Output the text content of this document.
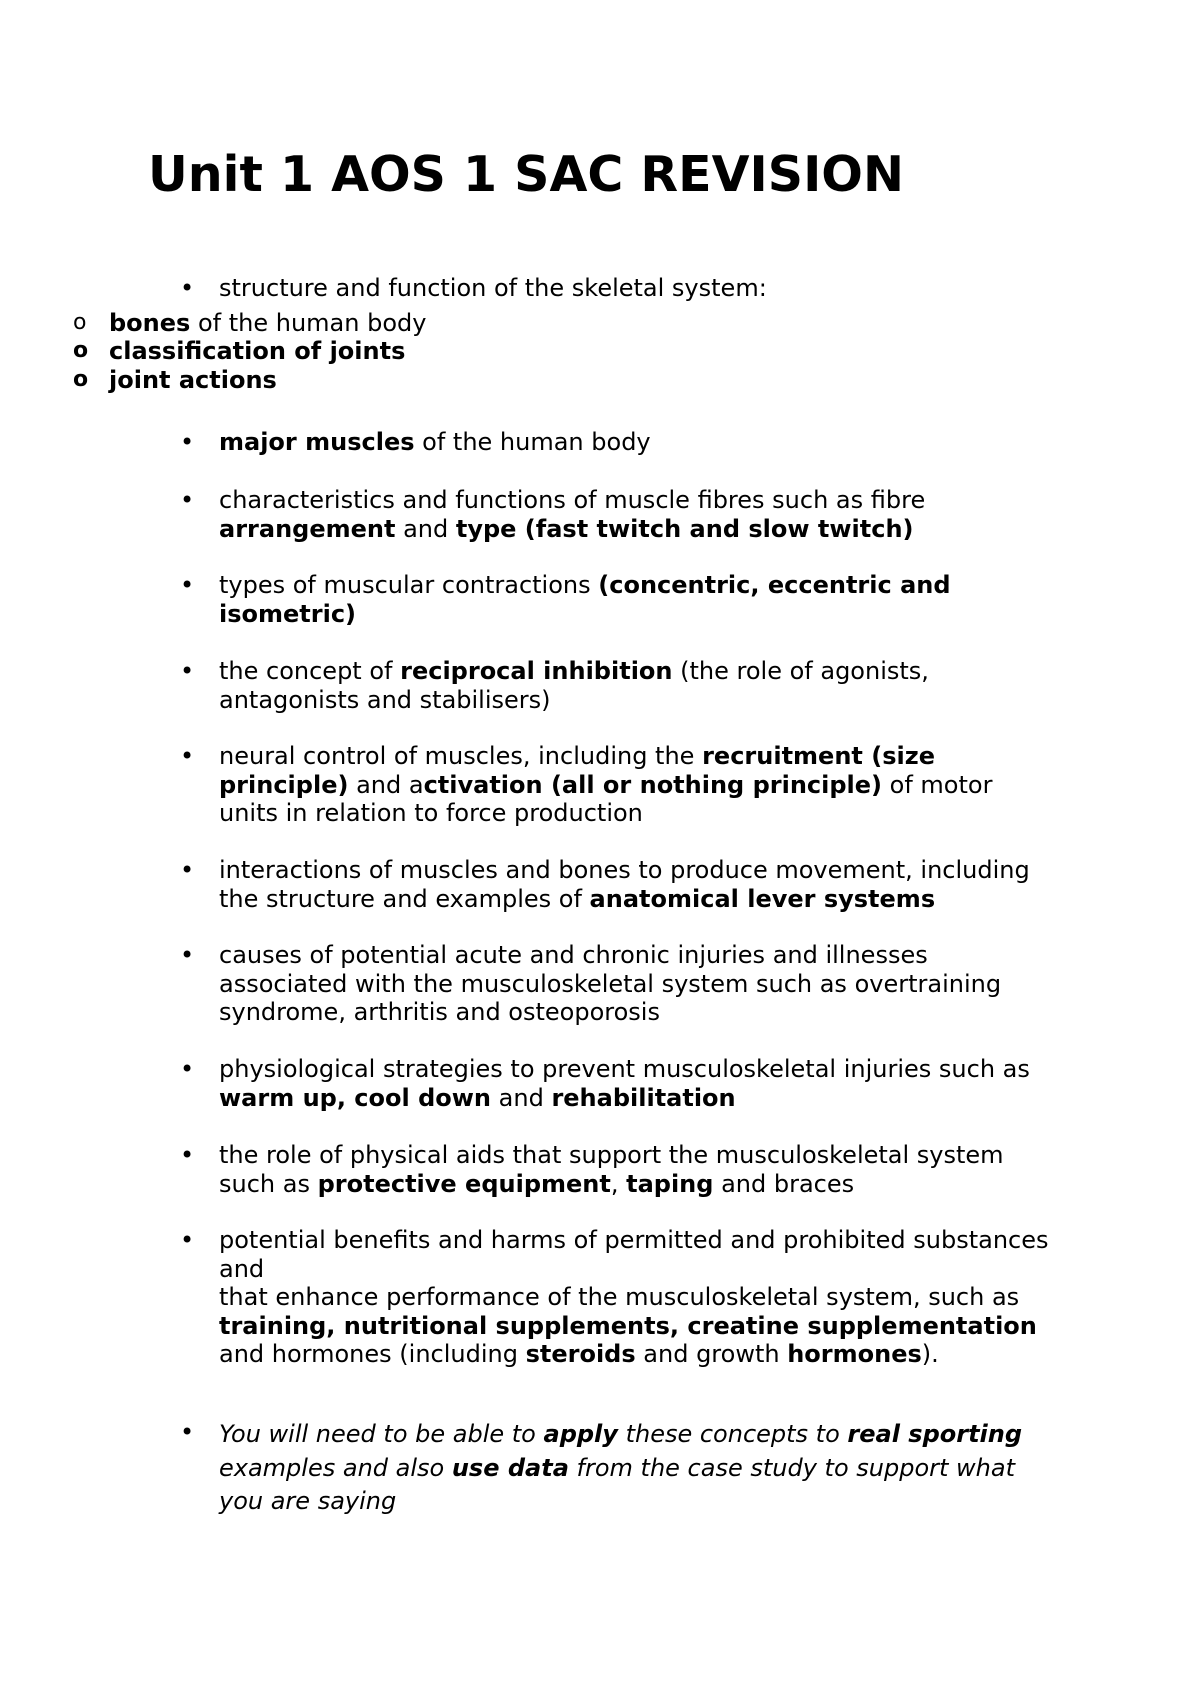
Unit 1 AOS 1 SAC REVISION
• structure and function of the skeletal system:
o bones of the human body
o classification of joints
o joint actions
• major muscles of the human body
• characteristics and functions of muscle fibres such as fibre
arrangement and type (fast twitch and slow twitch)
• types of muscular contractions (concentric, eccentric and
isometric)
• the concept of reciprocal inhibition (the role of agonists,
antagonists and stabilisers)
• neural control of muscles, including the recruitment (size
principle) and activation (all or nothing principle) of motor
units in relation to force production
• interactions of muscles and bones to produce movement, including
the structure and examples of anatomical lever systems
• causes of potential acute and chronic injuries and illnesses
associated with the musculoskeletal system such as overtraining
syndrome, arthritis and osteoporosis
• physiological strategies to prevent musculoskeletal injuries such as
warm up, cool down and rehabilitation
• the role of physical aids that support the musculoskeletal system
such as protective equipment, taping and braces
• potential benefits and harms of permitted and prohibited substances
and
that enhance performance of the musculoskeletal system, such as
training, nutritional supplements, creatine supplementation
and hormones (including steroids and growth hormones).
• You will need to be able to apply these concepts to real sporting
examples and also use data from the case study to support what
you are saying
